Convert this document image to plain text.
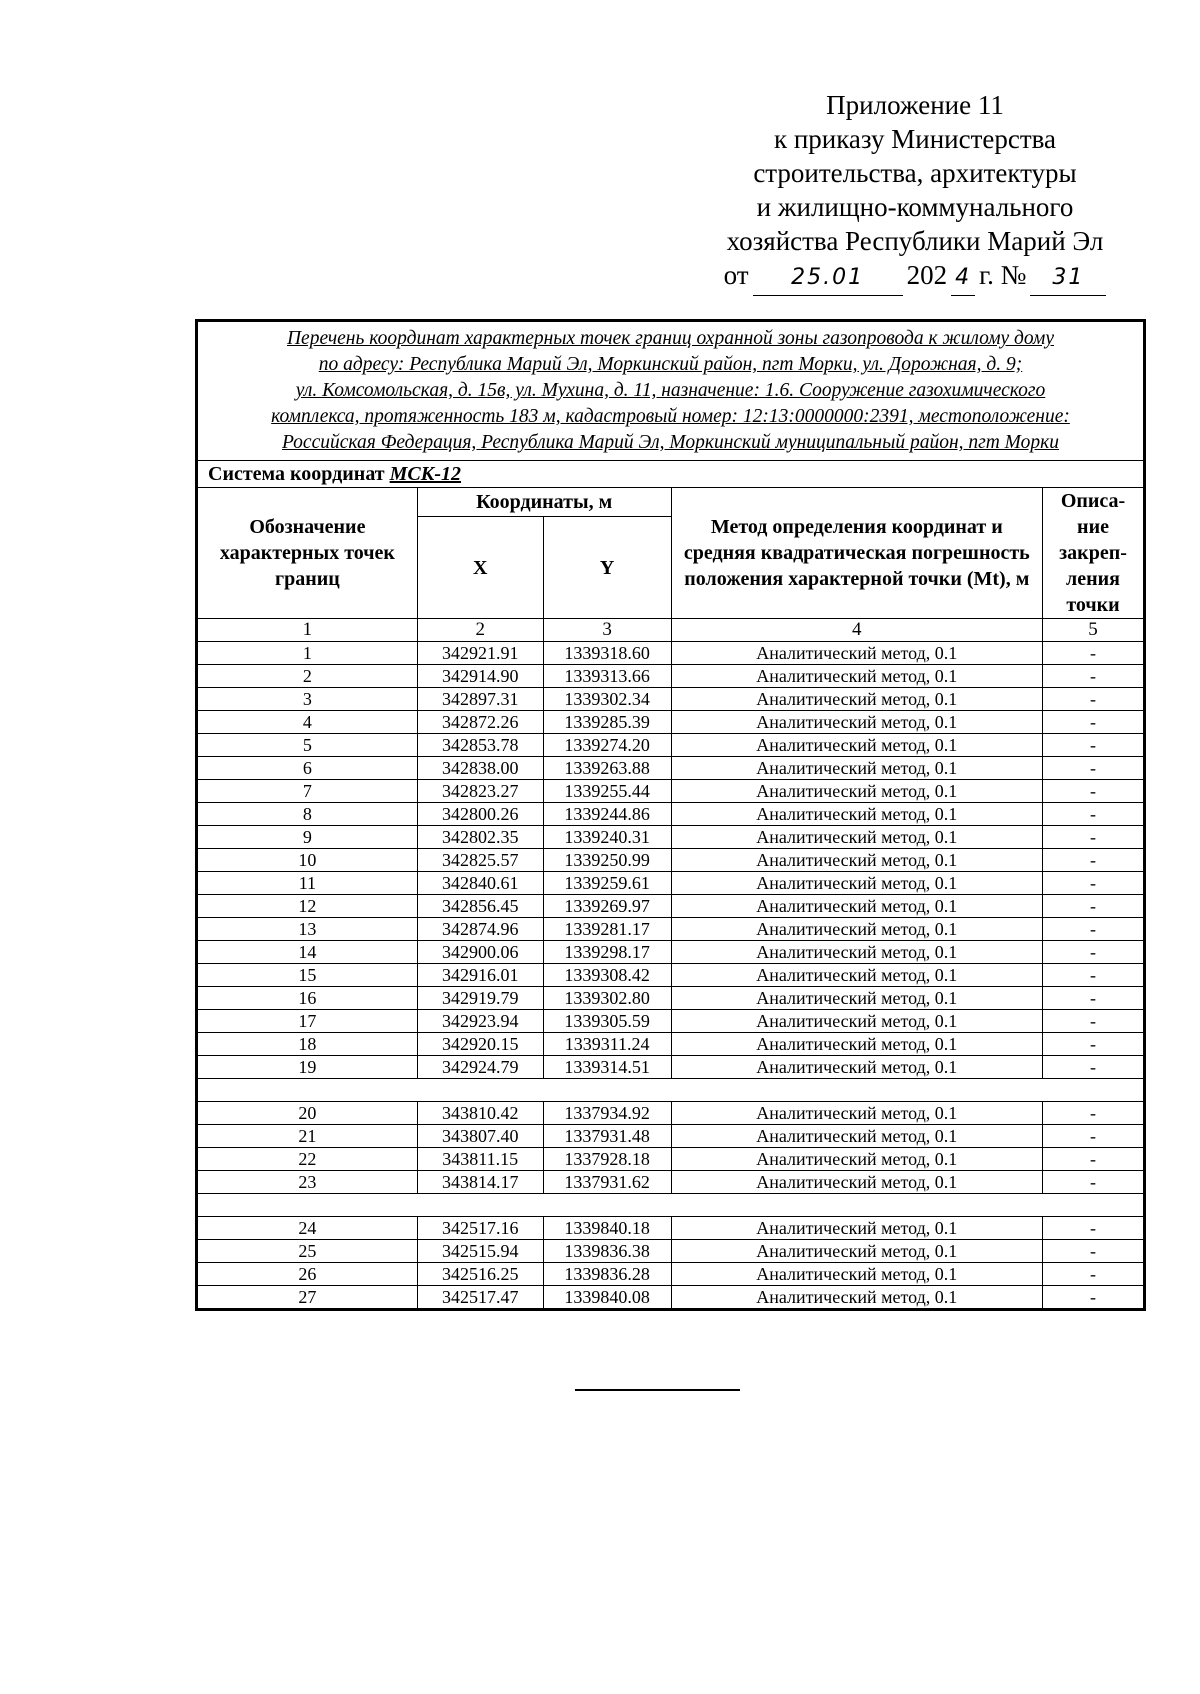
Приложение 11
к приказу Министерства
строительства, архитектуры
и жилищно-коммунального
хозяйства Республики Марий Эл
от	25.01	202 4 г. №	31
Перечень координат характерных точек границ охранной зоны газопровода к жилому дому
по адресу: Республика Марий Эл, Моркинский район, пгт Морки, ул. Дорожная, д. 9;
ул. Комсомольская, д. 15в, ул. Мухина, д. 11, назначение: 1.6. Сооружение газохимического
комплекса, протяженность 183 м, кадастровый номер: 12:13:0000000:2391, местоположение:
Российская Федерация, Республика Марий Эл, Моркинский муниципальный район, пгт Морки				

Система координат МСК-12				
Обозначение характерных точек границ	Координаты, м		Метод определения координат и средняя квадратическая погрешность положения характерной точки (Mt), м	Описа-ние закреп-ления точки
	X	Y		
1	2	3	4	5
1	342921.91	1339318.60	Аналитический метод, 0.1	-
2	342914.90	1339313.66	Аналитический метод, 0.1	-
3	342897.31	1339302.34	Аналитический метод, 0.1	-
4	342872.26	1339285.39	Аналитический метод, 0.1	-
5	342853.78	1339274.20	Аналитический метод, 0.1	-
6	342838.00	1339263.88	Аналитический метод, 0.1	-
7	342823.27	1339255.44	Аналитический метод, 0.1	-
8	342800.26	1339244.86	Аналитический метод, 0.1	-
9	342802.35	1339240.31	Аналитический метод, 0.1	-
10	342825.57	1339250.99	Аналитический метод, 0.1	-
11	342840.61	1339259.61	Аналитический метод, 0.1	-
12	342856.45	1339269.97	Аналитический метод, 0.1	-
13	342874.96	1339281.17	Аналитический метод, 0.1	-
14	342900.06	1339298.17	Аналитический метод, 0.1	-
15	342916.01	1339308.42	Аналитический метод, 0.1	-
16	342919.79	1339302.80	Аналитический метод, 0.1	-
17	342923.94	1339305.59	Аналитический метод, 0.1	-
18	342920.15	1339311.24	Аналитический метод, 0.1	-
19	342924.79	1339314.51	Аналитический метод, 0.1	-

20	343810.42	1337934.92	Аналитический метод, 0.1	-
21	343807.40	1337931.48	Аналитический метод, 0.1	-
22	343811.15	1337928.18	Аналитический метод, 0.1	-
23	343814.17	1337931.62	Аналитический метод, 0.1	-

24	342517.16	1339840.18	Аналитический метод, 0.1	-
25	342515.94	1339836.38	Аналитический метод, 0.1	-
26	342516.25	1339836.28	Аналитический метод, 0.1	-
27	342517.47	1339840.08	Аналитический метод, 0.1	-
